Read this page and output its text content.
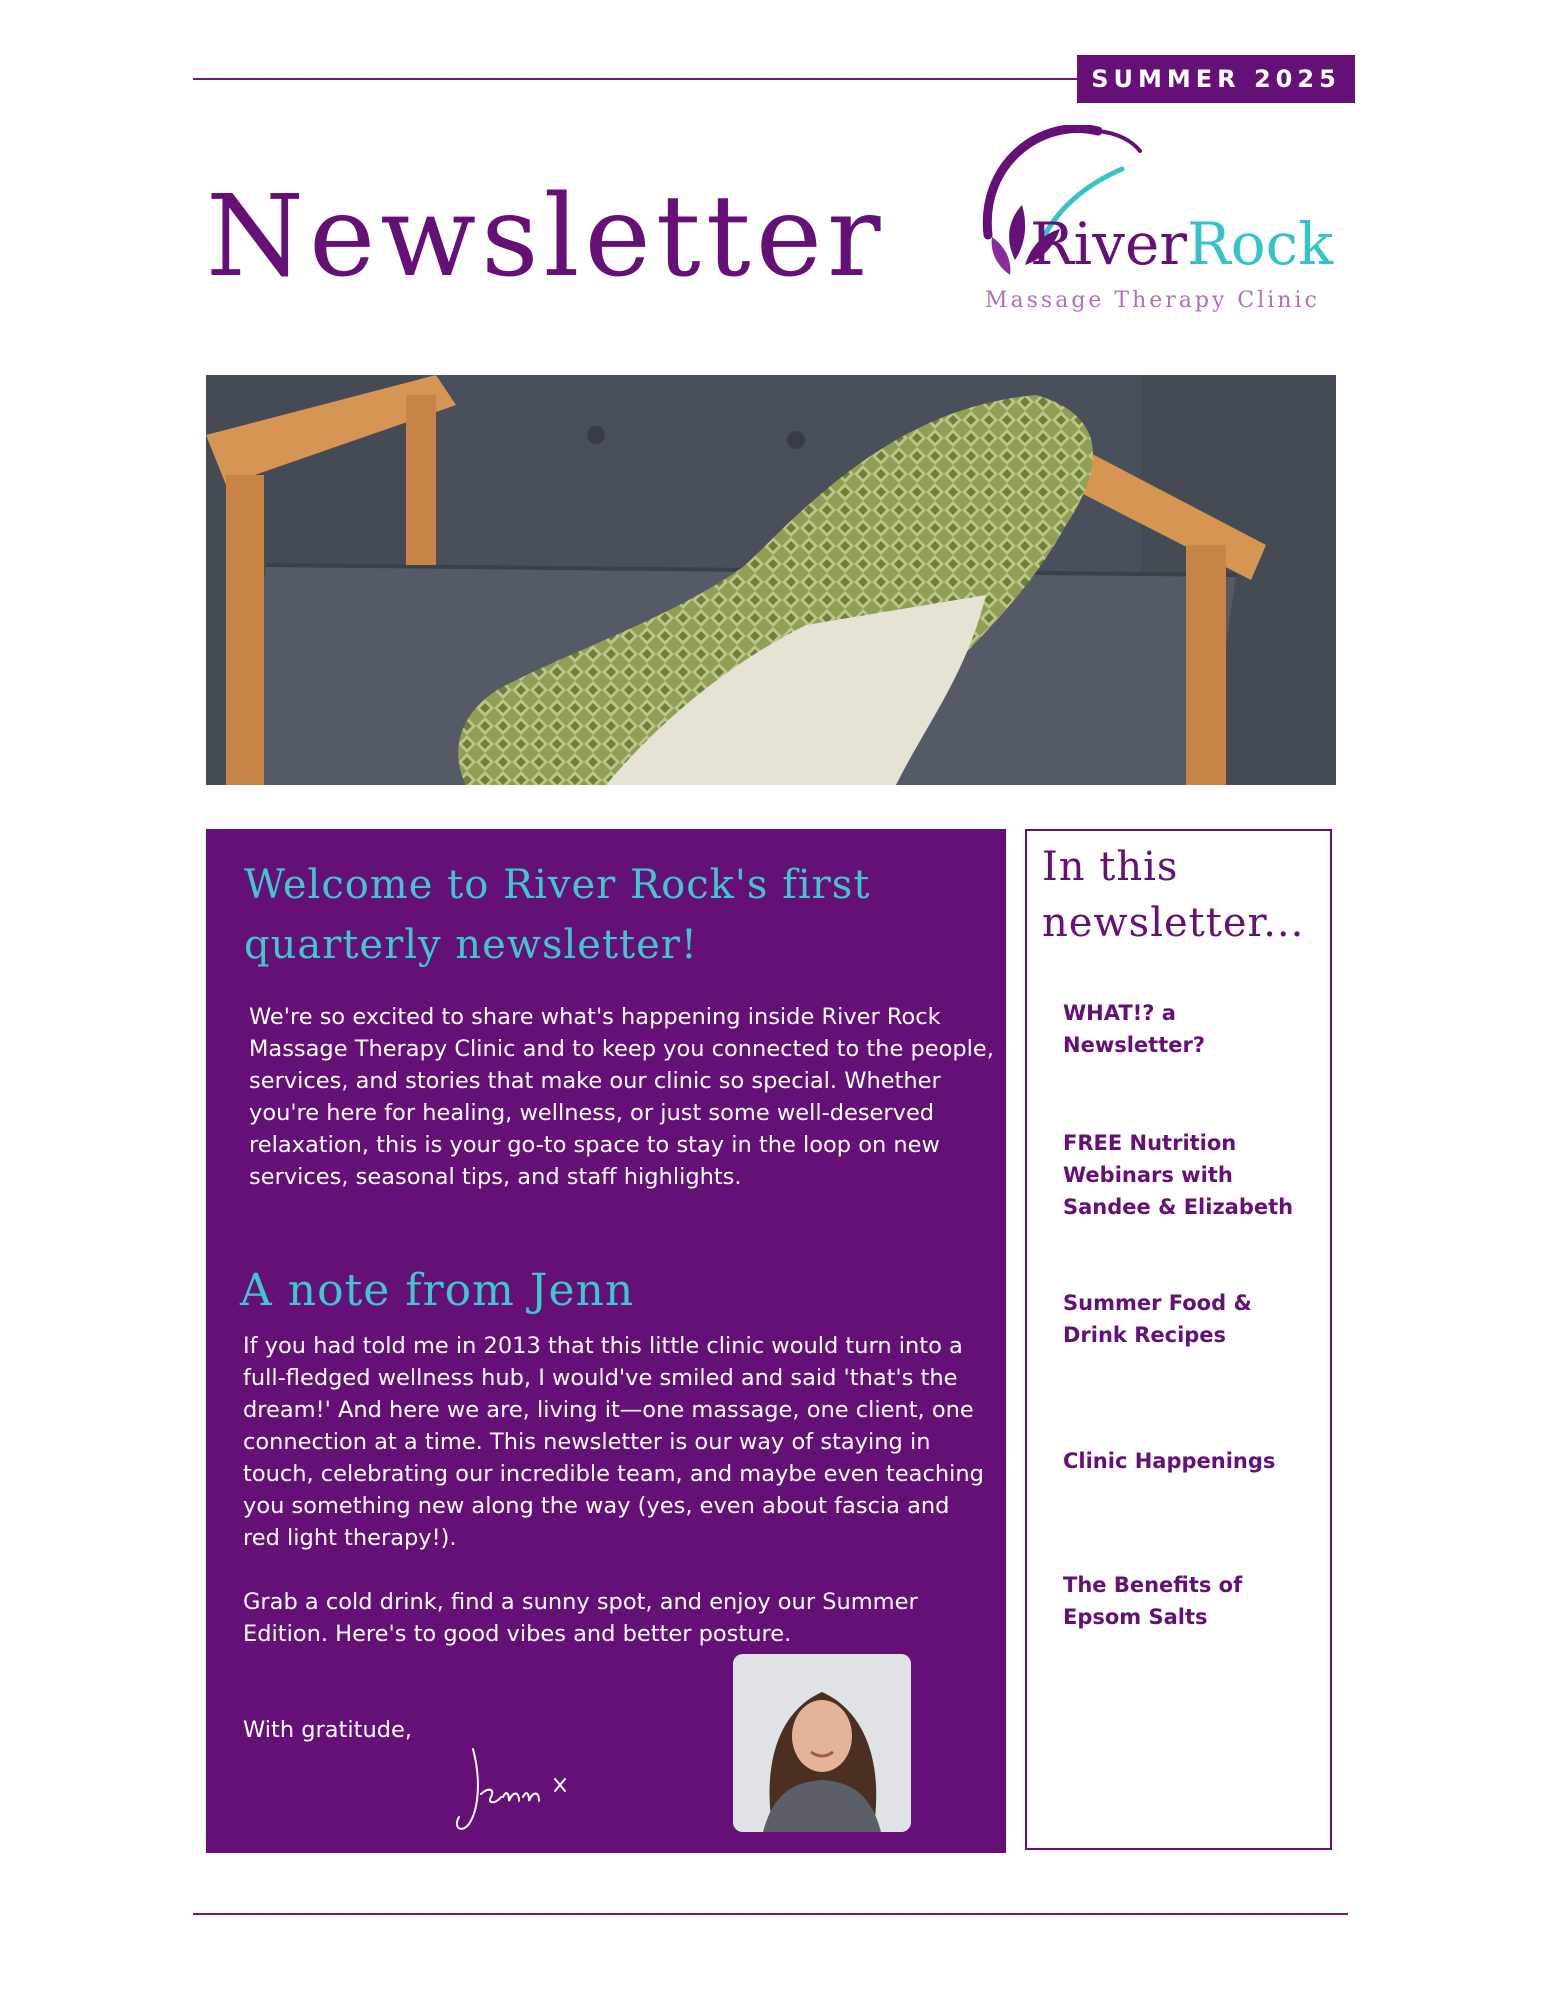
SUMMER 2025
Newsletter RiverRock
Massage Therapy Clinic
Welcome to River Rock's first quarterly newsletter!

We're so excited to share what's happening inside River Rock Massage Therapy Clinic and to keep you connected to the people, services, and stories that make our clinic so special. Whether you're here for healing, wellness, or just some well-deserved relaxation, this is your go-to space to stay in the loop on new services, seasonal tips, and staff highlights.

A note from Jenn

If you had told me in 2013 that this little clinic would turn into a full-fledged wellness hub, I would've smiled and said 'that's the dream!' And here we are, living it—one massage, one client, one connection at a time. This newsletter is our way of staying in touch, celebrating our incredible team, and maybe even teaching you something new along the way (yes, even about fascia and red light therapy!).

Grab a cold drink, find a sunny spot, and enjoy our Summer Edition. Here's to good vibes and better posture.

With gratitude,

In this newsletter...
WHAT!? a Newsletter?
FREE Nutrition Webinars with Sandee & Elizabeth
Summer Food & Drink Recipes
Clinic Happenings
The Benefits of Epsom Salts
